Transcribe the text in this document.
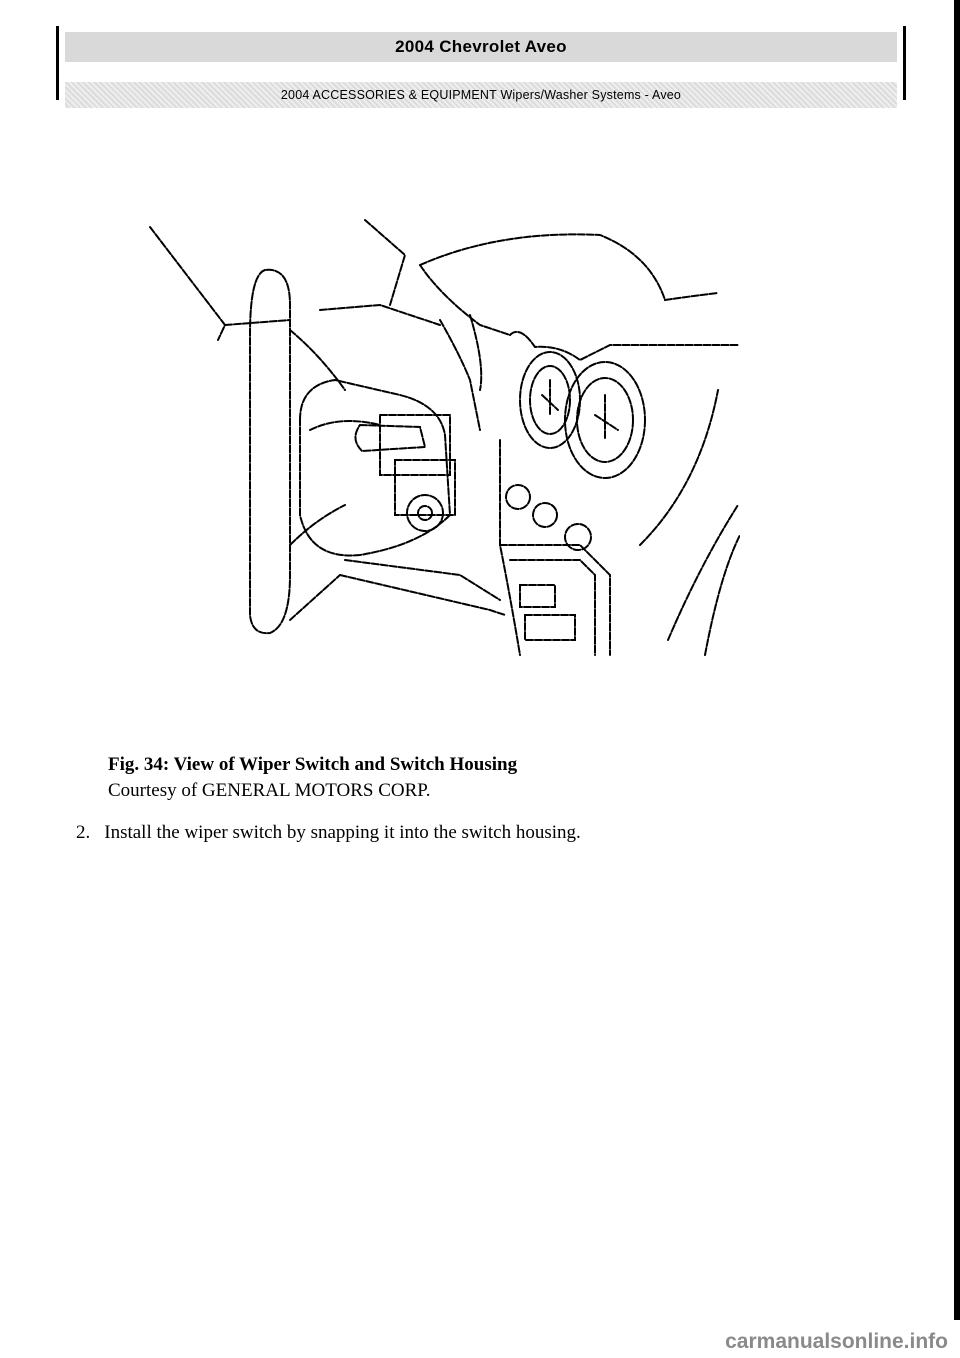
2004 Chevrolet Aveo
2004 ACCESSORIES & EQUIPMENT Wipers/Washer Systems - Aveo
Fig. 34: View of Wiper Switch and Switch Housing
Courtesy of GENERAL MOTORS CORP.
2. Install the wiper switch by snapping it into the switch housing.
carmanualsonline.info
